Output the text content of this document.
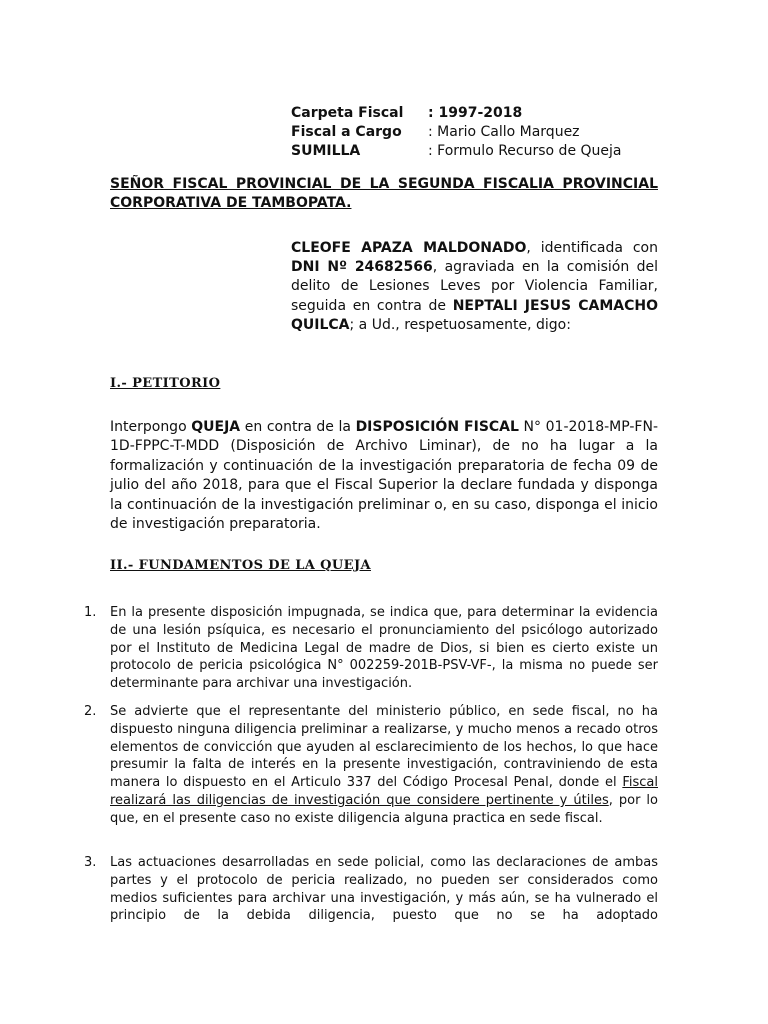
Carpeta Fiscal	: 1997-2018
Fiscal a Cargo	: Mario Callo Marquez
SUMILLA	: Formulo Recurso de Queja
SEÑOR FISCAL PROVINCIAL DE LA SEGUNDA FISCALIA PROVINCIAL CORPORATIVA DE TAMBOPATA.
CLEOFE APAZA MALDONADO, identificada con DNI Nº 24682566, agraviada en la comisión del delito de Lesiones Leves por Violencia Familiar, seguida en contra de NEPTALI JESUS CAMACHO QUILCA; a Ud., respetuosamente, digo:
I.- PETITORIO
Interpongo QUEJA en contra de la DISPOSICIÓN FISCAL N° 01-2018-MP-FN-1D-FPPC-T-MDD (Disposición de Archivo Liminar), de no ha lugar a la formalización y continuación de la investigación preparatoria de fecha 09 de julio del año 2018, para que el Fiscal Superior la declare fundada y disponga la continuación de la investigación preliminar o, en su caso, disponga el inicio de investigación preparatoria.
II.- FUNDAMENTOS DE LA QUEJA
1.	En la presente disposición impugnada, se indica que, para determinar la evidencia de una lesión psíquica, es necesario el pronunciamiento del psicólogo autorizado por el Instituto de Medicina Legal de madre de Dios, si bien es cierto existe un protocolo de pericia psicológica N° 002259-201B-PSV-VF-, la misma no puede ser determinante para archivar una investigación.
2.	Se advierte que el representante del ministerio público, en sede fiscal, no ha dispuesto ninguna diligencia preliminar a realizarse, y mucho menos a recado otros elementos de convicción que ayuden al esclarecimiento de los hechos, lo que hace presumir la falta de interés en la presente investigación, contraviniendo de esta manera lo dispuesto en el Articulo 337 del Código Procesal Penal, donde el Fiscal realizará las diligencias de investigación que considere pertinente y útiles, por lo que, en el presente caso no existe diligencia alguna practica en sede fiscal.
3.	Las actuaciones desarrolladas en sede policial, como las declaraciones de ambas partes y el protocolo de pericia realizado, no pueden ser considerados como medios suficientes para archivar una investigación, y más aún, se ha vulnerado el principio de la debida diligencia, puesto que no se ha adoptado
